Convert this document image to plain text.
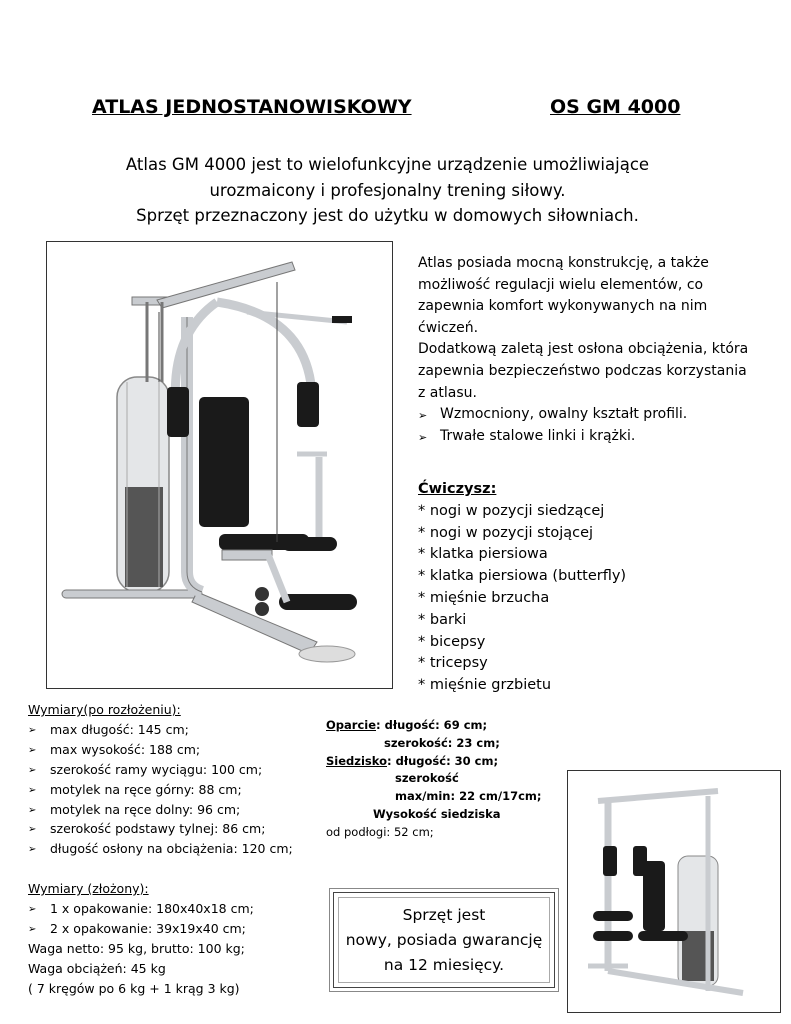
ATLAS JEDNOSTANOWISKOWY	OS GM 4000
Atlas GM 4000 jest to wielofunkcyjne urządzenie umożliwiające
urozmaicony i profesjonalny trening siłowy.
Sprzęt przeznaczony jest do użytku w domowych siłowniach.

Atlas posiada mocną konstrukcję, a także możliwość regulacji wielu elementów, co zapewnia komfort wykonywanych na nim ćwiczeń.

Dodatkową zaletą jest osłona obciążenia, która zapewnia bezpieczeństwo podczas korzystania z atlasu.

➢ Wzmocniony, owalny kształt profili.
➢ Trwałe stalowe linki i krążki.
Ćwiczysz:
* nogi w pozycji siedzącej
* nogi w pozycji stojącej
* klatka piersiowa
* klatka piersiowa (butterfly)
* mięśnie brzucha
* barki
* bicepsy
* tricepsy
* mięśnie grzbietu
Wymiary(po rozłożeniu):
➢ max długość: 145 cm;
➢ max wysokość: 188 cm;
➢ szerokość ramy wyciągu: 100 cm;
➢ motylek na ręce górny: 88 cm;
➢ motylek na ręce dolny: 96 cm;
➢ szerokość podstawy tylnej: 86 cm;
➢ długość osłony na obciążenia: 120 cm;
Wymiary (złożony):
➢ 1 x opakowanie: 180x40x18 cm;
➢ 2 x opakowanie: 39x19x40 cm;
Waga netto: 95 kg, brutto: 100 kg;
Waga obciążeń: 45 kg
( 7 kręgów po 6 kg + 1 krąg 3 kg)
Oparcie: długość: 69 cm;
szerokość: 23 cm;
Siedzisko: długość: 30 cm;
szerokość
max/min: 22 cm/17cm;
Wysokość siedziska
od podłogi: 52 cm;
Sprzęt jest
nowy, posiada gwarancję
na 12 miesięcy.
